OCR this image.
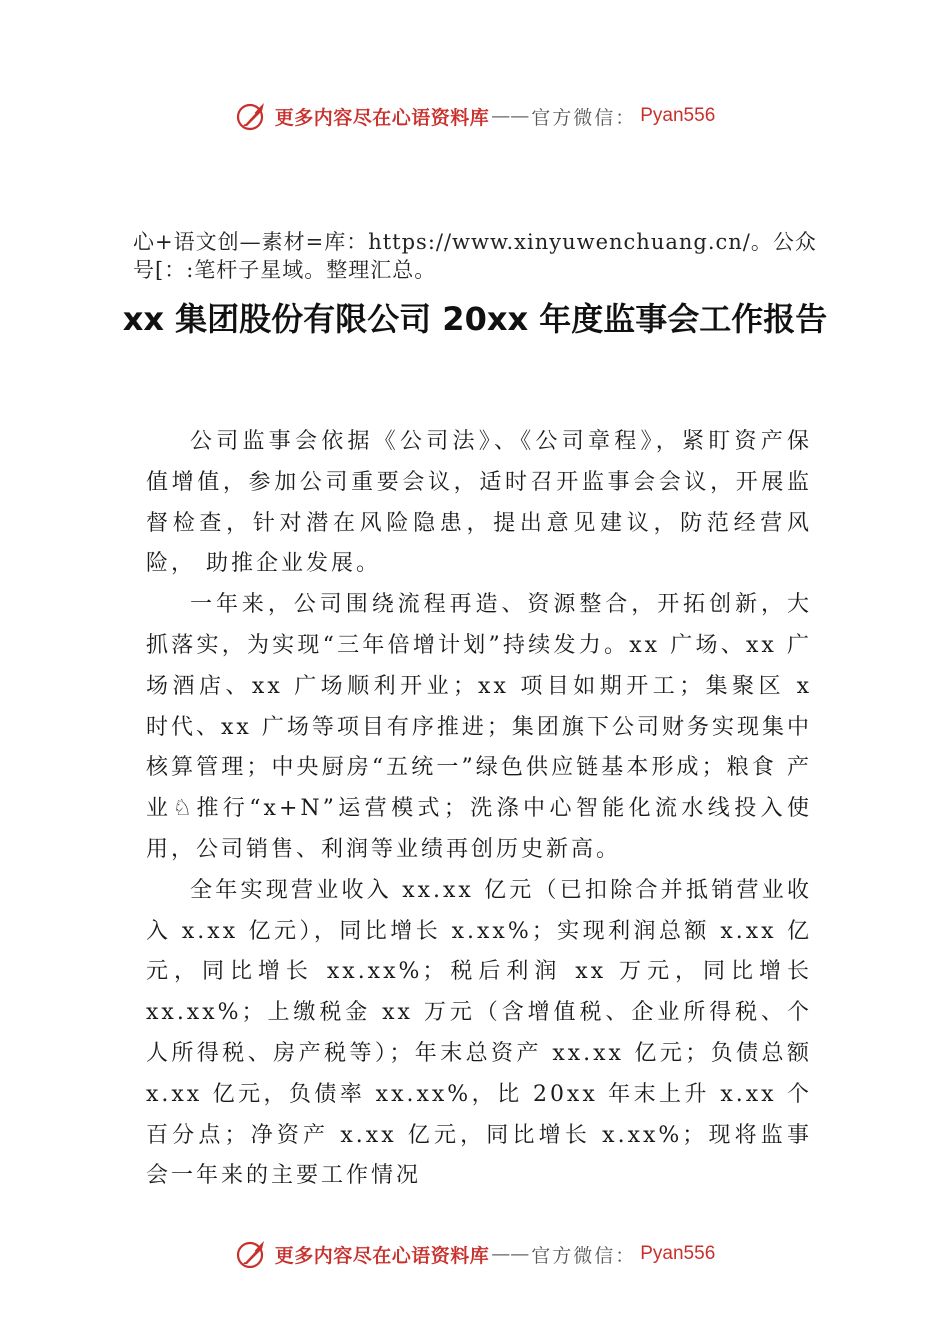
更多内容尽在心语资料库 —— 官方微信： Pyan556
心+语文创—素材=库：https://www.xinyuwenchuang.cn/。公众号[：:笔杆子星域。整理汇总。
xx 集团股份有限公司 20xx 年度监事会工作报告

公司监事会依据《公司法》、《公司章程》，紧盯资产保 值增值，参加公司重要会议，适时召开监事会会议，开展监督检查，针对潜在风险隐患，提出意见建议，防范经营风险， 助推企业发展。

一年来，公司围绕流程再造、资源整合，开拓创新，大抓落实，为实现“三年倍增计划”持续发力。xx 广场、xx 广场酒店、xx 广场顺利开业；xx 项目如期开工；集聚区 x 时代、xx 广场等项目有序推进；集团旗下公司财务实现集中核算管理；中央厨房“五统一”绿色供应链基本形成；粮食 产业♘推行“x+N”运营模式；洗涤中心智能化流水线投入使用，公司销售、利润等业绩再创历史新高。

全年实现营业收入 xx.xx 亿元（已扣除合并抵销营业收入 x.xx 亿元），同比增长 x.xx%；实现利润总额 x.xx 亿元，同比增长 xx.xx%；税后利润 xx 万元，同比增长 xx.xx%；上缴税金 xx 万元（含增值税、企业所得税、个人所得税、房产税等）；年末总资产 xx.xx 亿元；负债总额 x.xx 亿元，负债率 xx.xx%，比 20xx 年末上升 x.xx 个百分点；净资产 x.xx 亿元，同比增长 x.xx%；现将监事会一年来的主要工作情况

更多内容尽在心语资料库 —— 官方微信： Pyan556
